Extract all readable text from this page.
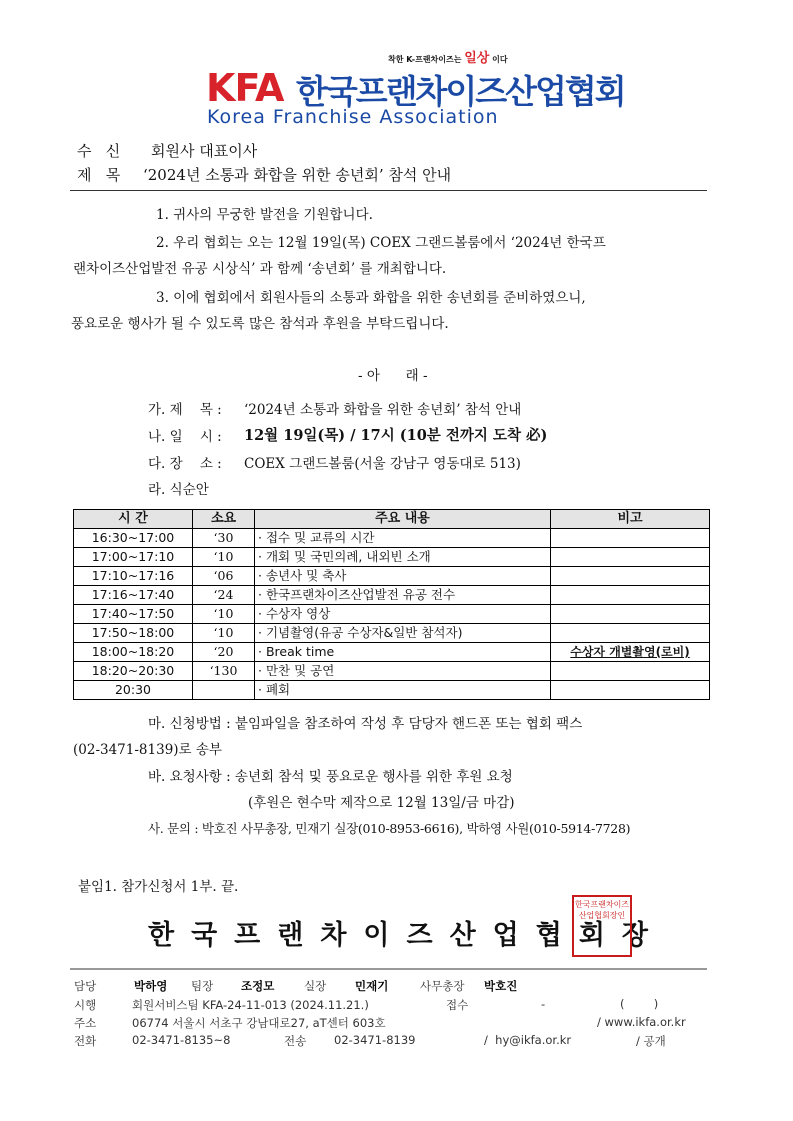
착한 K-프랜차이즈는 일상 이다
KFA 한국프랜차이즈산업협회
Korea Franchise Association
수   신 회원사 대표이사
제   목 ‘2024년 소통과 화합을 위한 송년회’ 참석 안내
1. 귀사의 무궁한 발전을 기원합니다.
2. 우리 협회는 오는 12월 19일(목) COEX 그랜드볼룸에서 ‘2024년 한국프
랜차이즈산업발전 유공 시상식’ 과 함께 ‘송년회’ 를 개최합니다.
3. 이에 협회에서 회원사들의 소통과 화합을 위한 송년회를 준비하였으니,
풍요로운 행사가 될 수 있도록 많은 참석과 후원을 부탁드립니다.
- 아      래 -
가. 제    목 : ‘2024년 소통과 화합을 위한 송년회’ 참석 안내
나. 일    시 : 12월 19일(목) / 17시 (10분 전까지 도착 必)
다. 장    소 : COEX 그랜드볼룸(서울 강남구 영동대로 513)
라. 식순안
시 간	소요	주요 내용	비고
16:30~17:00	‘30	· 접수 및 교류의 시간	
17:00~17:10	‘10	· 개회 및 국민의례, 내외빈 소개	
17:10~17:16	‘06	· 송년사 및 축사	
17:16~17:40	‘24	· 한국프랜차이즈산업발전 유공 전수	
17:40~17:50	‘10	· 수상자 영상	
17:50~18:00	‘10	· 기념촬영(유공 수상자&일반 참석자)	
18:00~18:20	‘20	· Break time	수상자 개별촬영(로비)
18:20~20:30	‘130	· 만찬 및 공연	
20:30		· 폐회	
마. 신청방법 : 붙임파일을 참조하여 작성 후 담당자 핸드폰 또는 협회 팩스
(02-3471-8139)로 송부
바. 요청사항 : 송년회 참석 및 풍요로운 행사를 위한 후원 요청
(후원은 현수막 제작으로 12월 13일/금 마감)
사. 문의 : 박호진 사무총장, 민재기 실장(010-8953-6616), 박하영 사원(010-5914-7728)
붙임1. 참가신청서 1부. 끝.
한국프랜차이즈산업협회장
한국프랜차이즈산업협회장인
담당	박하영 팀장 조정모	실장	민재기	사무총장 박호진
시행	회원서비스팀 KFA-24-11-013 (2024.11.21.)	접수	-	(        )
주소	06774 서울시 서초구 강남대로27, aT센터 603호	/ www.ikfa.or.kr
전화	02-3471-8135~8	전송 02-3471-8139	/  hy@ikfa.or.kr	/ 공개
